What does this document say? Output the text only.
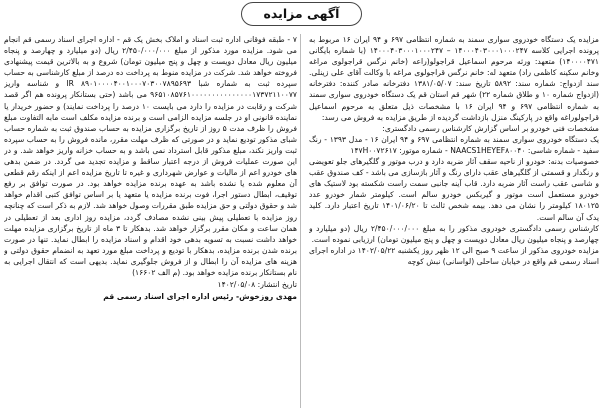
آگهی مزایده

مزایده یک دستگاه خودروی سواری سمند به شماره انتظامی ۶۹۷ و ۹۴ ایران ۱۶ مربوط به پرونده اجرایی کلاسه ۱۴۰۰۰۴۰۳۰۰۰۱۰۰۰۲۴۷ – ۱۴۰۰۰۴۰۳۰۰۰۱۰۰۰۲۴۷ (با شماره بایگانی ۱۴۰۰۰۰۴۷۱) متعهد: ورثه مرحوم اسماعیل قراجولو(راعه (خانم نرگس قراجولوی مراغه وخانم سکینه کاظمی راد) متعهد له: خانم نرگس قراجولوی مراغه با وکالت آقای علی زینلی. سند ازدواج: شماره سند: ۵۸۹۲ تاریخ سند: ۱۳۸۱/۰۵/۰۷ دفترخانه صادر کننده: دفترخانه (ازدواج شماره ۱۰ و طلاق شماره ۲۲) شهر قم استان قم یک دستگاه خودروی سواری سمند به شماره انتظامی ۶۹۷ و ۹۴ ایران ۱۶ با مشخصات ذیل متعلق به مرحوم اسماعیل قراجولوراغه واقع در پارکینگ منزل بازداشت گردیده از طریق مزایده به فروش می رسد:

مشخصات فنی خودرو بر اساس گزارش کارشناس رسمی دادگستری:

یک دستگاه خودروی سواری سمند به شماره انتظامی ۶۹۷ و ۹۴ ایران ۱۶ - مدل ۱۳۹۳ - رنگ سفید - شماره شاسی: NAACS1HEYEF۸۰۰۴۰ - شماره موتور: ۱۴۷H۰۰۷۲۶۱۷

خصوصیات بدنه: خودرو از ناحیه سقف آثار ضربه دارد و درب موتور و گلگیرهای جلو تعویضی و رنگدار و قسمتی از گلگیرهای عقب دارای رنگ و آثار بازسازی می باشد - کف صندوق عقب و شاسی عقب راست آثار ضربه دارد. قاب آینه جانبی سمت راست شکسته بود لاستیک های خودرو مستعمل است موتور و گیربکس خودرو سالم است. کیلومتر شمار خودرو عدد ۱۸۰۱۲۵ کیلومتر را نشان می دهد. بیمه شخص ثالث تا ۱۴۰۱/۰۶/۲۰ تاریخ اعتبار دارد. کلید یدک آن سالم است.

کارشناس رسمی دادگستری خودروی مذکور را به مبلغ ۲/۴۵۰/۰۰۰/۰۰۰ ریال (دو میلیارد و چهارصد و پنجاه میلیون ریال معادل دویست و چهل و پنج میلیون تومان) ارزیابی نموده است.

مزایده خودروی مذکور از ساعت ۹ صبح الی ۱۲ ظهر روز یکشنبه ۱۴۰۲/۰۵/۲۲ در اداره اجرای اسناد رسمی قم واقع در خیابان ساحلی (لواسانی) نبش کوچه

۷ - طبقه فوقانی اداره ثبت اسناد و املاک بخش یک قم - اداره اجرای اسناد رسمی قم انجام می شود. مزایده مورد مذکور از مبلغ ۲/۴۵۰/۰۰۰/۰۰۰ ریال (دو میلیارد و چهارصد و پنجاه میلیون ریال معادل دویست و چهل و پنج میلیون تومان) شروع و به بالاترین قیمت پیشنهادی فروخته خواهد شد. شرکت در مزایده منوط به پرداخت ده درصد از مبلغ کارشناسی به حساب سپرده ثبت به شماره شبا IR ۸۹۰۱۰۰۰۰۴۰۰۱۰۰۰۷۰۳۰۰۷۸۹۵۶۹۳ و شناسه واریز ۹۶۵۱۰۸۵۷۶۱۰۰۰۰۰۰۰۰۰۰۰۰۰۰۰۱۷۳۷۲۱۱۰۰۷۷ می باشد (حتی بستانکار پرونده هم اگر قصد شرکت و رقابت در مزایده را دارد می بایست ۱۰ درصد را پرداخت نمایند) و حضور خریدار یا نماینده قانونی او در جلسه مزایده الزامی است و برنده مزایده مکلف است مابه التفاوت مبلغ فروش را ظرف مدت ۵ روز از تاریخ برگزاری مزایده به حساب صندوق ثبت به شماره حساب شبای مذکور تودیع نماید و در صورتی که ظرف مهلت مقرر، مانده فروش را به حساب سپرده ثبت واریز نکند، مبلغ مذکور قابل استرداد نمی باشد و به حساب خزانه واریز خواهد شد. و در این صورت عملیات فروش از درجه اعتبار ساقط و مزایده تجدید می گردد. در ضمن بدهی های خودرو اعم از مالیات و عوارض شهرداری و غیره تا تاریخ مزایده اعم از اینکه رقم قطعی آن معلوم شده یا نشده باشد به عهده برنده مزایده خواهد بود. در صورت توافق بر رفع توقیف، ابطال دستور اجرا، فوت برنده مزایده یا متعهد یا بر اساس توافق کتبی اقدام خواهد شد و حقوق دولتی و حق مزایده طبق مقررات وصول خواهد شد. لازم به ذکر است که چنانچه روز مزایده با تعطیلی پیش بینی نشده مصادف گردد، مزایده روز اداری بعد از تعطیلی در همان ساعت و مکان مقرر برگزار خواهد شد. بدهکار تا ۳ ماه از تاریخ برگزاری مزایده مهلت خواهد داشت نسبت به تسویه بدهی خود اقدام و اسناد مزایده را ابطال نماید. تنها در صورت برنده شدن برنده مزایده، بدهکار با تودیع و پرداخت مبلغ مورد تعهد به انضمام حقوق دولتی و هزینه های مزایده آن را ابطال و از فروش جلوگیری نماید. بدیهی است که انتقال اجرایی به نام بستانکار برنده مزایده خواهد بود. (م الف ۱۶۶۰۲)

تاریخ انتشار: ۱۴۰۲/۰۵/۰۸

مهدی روزخوش- رئیس اداره اجرای اسناد رسمی قم
